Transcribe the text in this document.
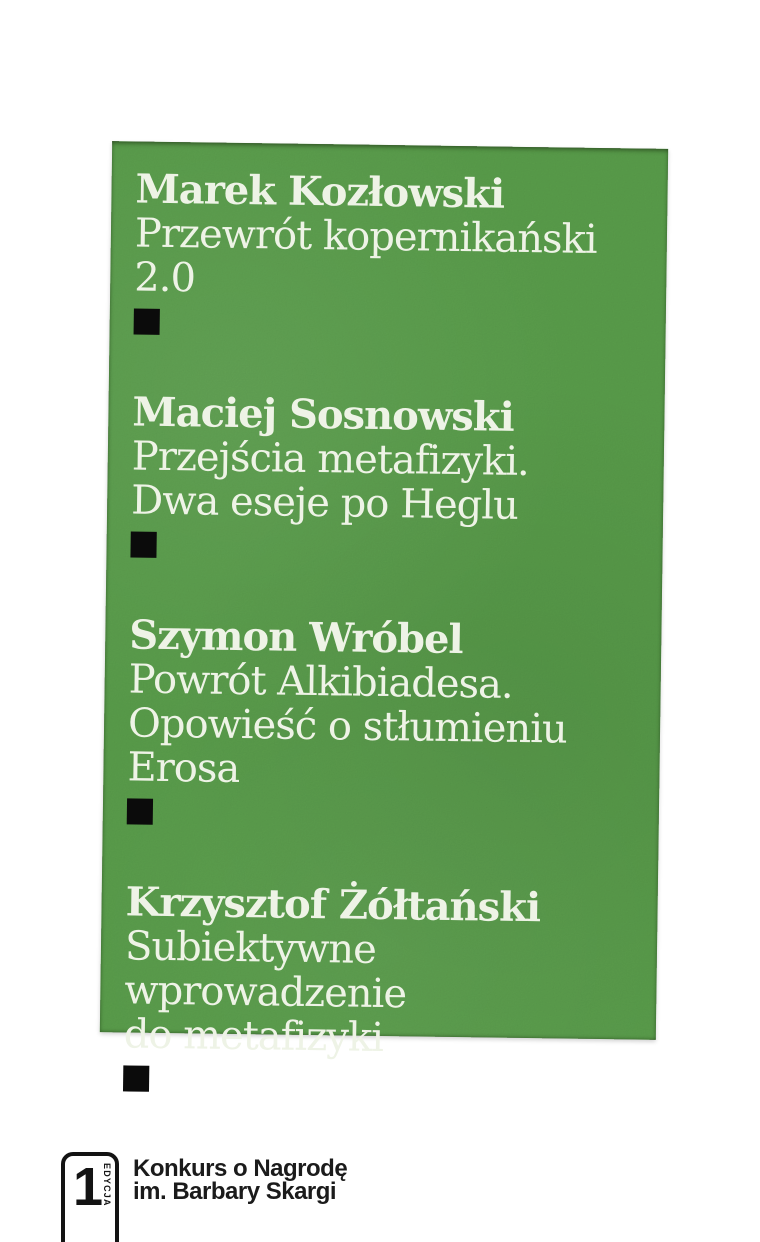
Marek Kozłowski
Przewrót kopernikański 2.0
Maciej Sosnowski
Przejścia metafizyki.
Dwa eseje po Heglu
Szymon Wróbel
Powrót Alkibiadesa.
Opowieść o stłumieniu
Erosa
Krzysztof Żółtański
Subiektywne wprowadzenie
do metafizyki
1
EDYCJA Konkurs o Nagrodę
im. Barbary Skargi
